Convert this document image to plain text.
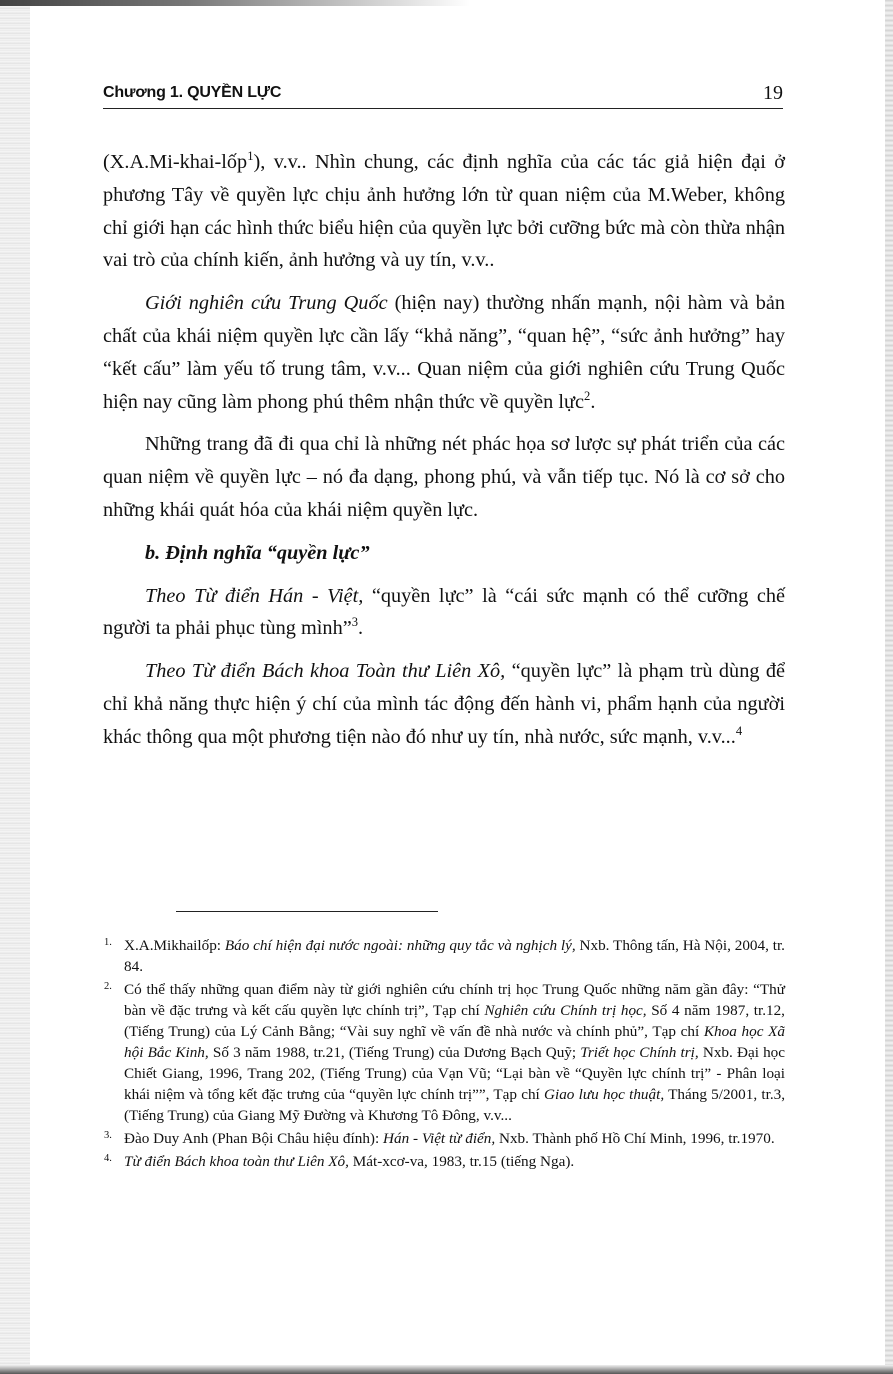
Chương 1. QUYỀN LỰC	19

(X.A.Mi-khai-lốp$^1$), v.v.. Nhìn chung, các định nghĩa của các tác giả hiện đại ở phương Tây về quyền lực chịu ảnh hưởng lớn từ quan niệm của M.Weber, không chỉ giới hạn các hình thức biểu hiện của quyền lực bởi cưỡng bức mà còn thừa nhận vai trò của chính kiến, ảnh hưởng và uy tín, v.v..

Giới nghiên cứu Trung Quốc (hiện nay) thường nhấn mạnh, nội hàm và bản chất của khái niệm quyền lực cần lấy “khả năng”, “quan hệ”, “sức ảnh hưởng” hay “kết cấu” làm yếu tố trung tâm, v.v... Quan niệm của giới nghiên cứu Trung Quốc hiện nay cũng làm phong phú thêm nhận thức về quyền lực$^2$.

Những trang đã đi qua chỉ là những nét phác họa sơ lược sự phát triển của các quan niệm về quyền lực – nó đa dạng, phong phú, và vẫn tiếp tục. Nó là cơ sở cho những khái quát hóa của khái niệm quyền lực.

b. Định nghĩa “quyền lực”

Theo Từ điển Hán - Việt, “quyền lực” là “cái sức mạnh có thể cưỡng chế người ta phải phục tùng mình”$^3$.

Theo Từ điển Bách khoa Toàn thư Liên Xô, “quyền lực” là phạm trù dùng để chỉ khả năng thực hiện ý chí của mình tác động đến hành vi, phẩm hạnh của người khác thông qua một phương tiện nào đó như uy tín, nhà nước, sức mạnh, v.v...$^4$

1. X.A.Mikhailốp: Báo chí hiện đại nước ngoài: những quy tắc và nghịch lý, Nxb. Thông tấn, Hà Nội, 2004, tr. 84.

2. Có thể thấy những quan điểm này từ giới nghiên cứu chính trị học Trung Quốc những năm gần đây: “Thử bàn về đặc trưng và kết cấu quyền lực chính trị”, Tạp chí Nghiên cứu Chính trị học, Số 4 năm 1987, tr.12, (Tiếng Trung) của Lý Cảnh Bằng; “Vài suy nghĩ về vấn đề nhà nước và chính phủ”, Tạp chí Khoa học Xã hội Bắc Kinh, Số 3 năm 1988, tr.21, (Tiếng Trung) của Dương Bạch Quỹ; Triết học Chính trị, Nxb. Đại học Chiết Giang, 1996, Trang 202, (Tiếng Trung) của Vạn Vũ; “Lại bàn về “Quyền lực chính trị” - Phân loại khái niệm và tổng kết đặc trưng của “quyền lực chính trị””, Tạp chí Giao lưu học thuật, Tháng 5/2001, tr.3, (Tiếng Trung) của Giang Mỹ Đường và Khương Tô Đông, v.v...

3. Đào Duy Anh (Phan Bội Châu hiệu đính): Hán - Việt từ điển, Nxb. Thành phố Hồ Chí Minh, 1996, tr.1970.

4. Từ điển Bách khoa toàn thư Liên Xô, Mát-xcơ-va, 1983, tr.15 (tiếng Nga).
